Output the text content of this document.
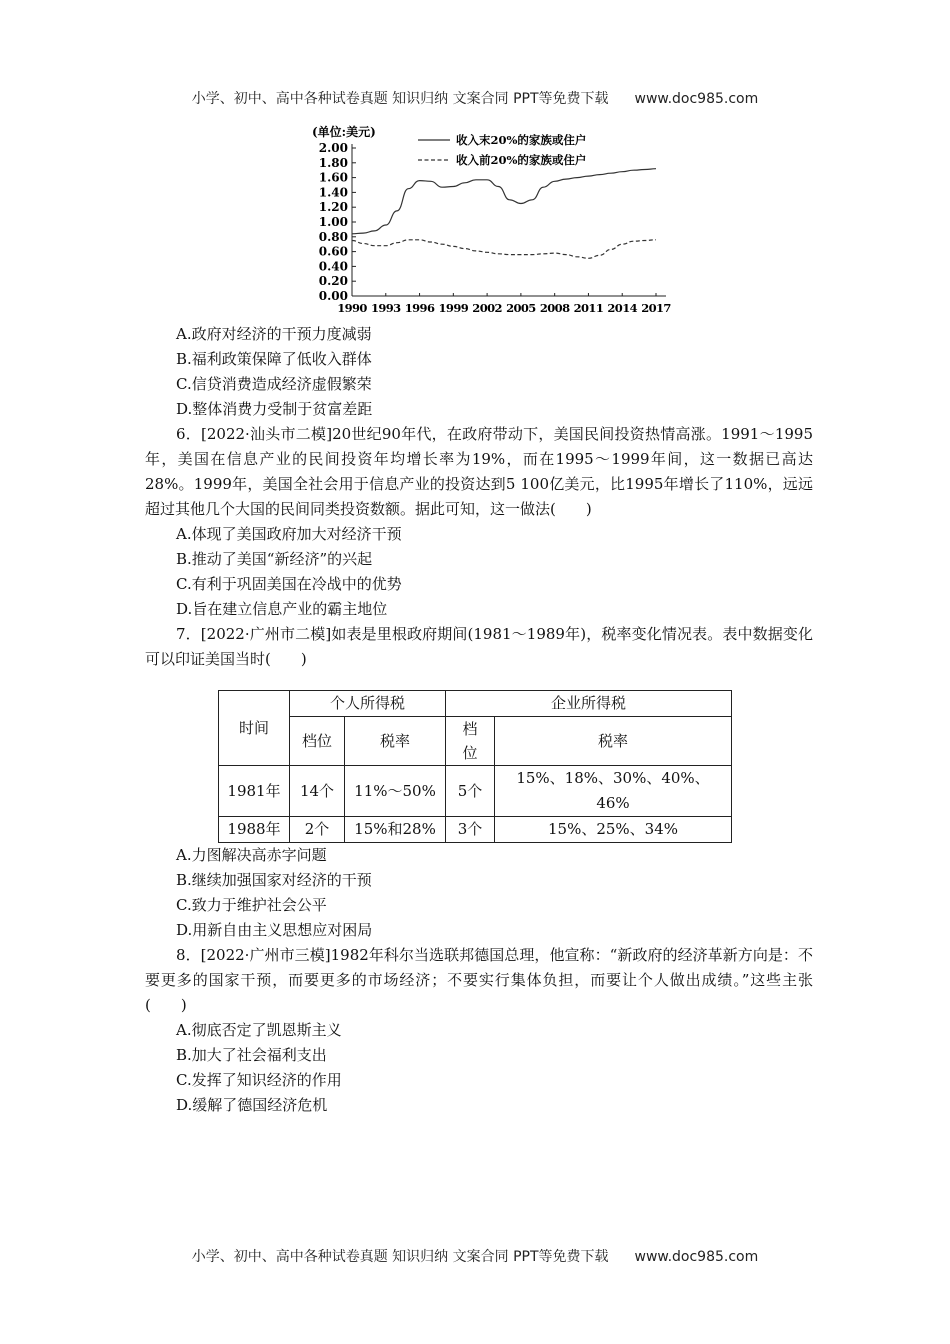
小学、初中、高中各种试卷真题 知识归纳 文案合同 PPT等免费下载 www.doc985.com
(单位:美元)
0.00
0.20
0.40
0.60
0.80
1.00
1.20
1.40
1.60
1.80
2.00
1990 1993 1996 1999 2002 2005 2008 2011 2014 2017
收入末20%的家族或住户
收入前20%的家族或住户

A.政府对经济的干预力度减弱

B.福利政策保障了低收入群体

C.信贷消费造成经济虚假繁荣

D.整体消费力受制于贫富差距

6．[2022·汕头市二模]20世纪90年代，在政府带动下，美国民间投资热情高涨。1991～1995年，美国在信息产业的民间投资年均增长率为19%，而在1995～1999年间，这一数据已高达28%。1999年，美国全社会用于信息产业的投资达到5 100亿美元，比1995年增长了110%，远远超过其他几个大国的民间同类投资数额。据此可知，这一做法(　　)

A.体现了美国政府加大对经济干预

B.推动了美国“新经济”的兴起

C.有利于巩固美国在冷战中的优势

D.旨在建立信息产业的霸主地位

7．[2022·广州市二模]如表是里根政府期间(1981～1989年)，税率变化情况表。表中数据变化可以印证美国当时(　　)

时间	个人所得税		企业所得税	
	档位	税率	档位	税率
1981年	14个	11%～50%	5个	15%、18%、30%、40%、46%
1988年	2个	15%和28%	3个	15%、25%、34%

A.力图解决高赤字问题

B.继续加强国家对经济的干预

C.致力于维护社会公平

D.用新自由主义思想应对困局

8．[2022·广州市三模]1982年科尔当选联邦德国总理，他宣称：“新政府的经济革新方向是：不要更多的国家干预，而要更多的市场经济；不要实行集体负担，而要让个人做出成绩。”这些主张(　　)

A.彻底否定了凯恩斯主义

B.加大了社会福利支出

C.发挥了知识经济的作用

D.缓解了德国经济危机

小学、初中、高中各种试卷真题 知识归纳 文案合同 PPT等免费下载 www.doc985.com
